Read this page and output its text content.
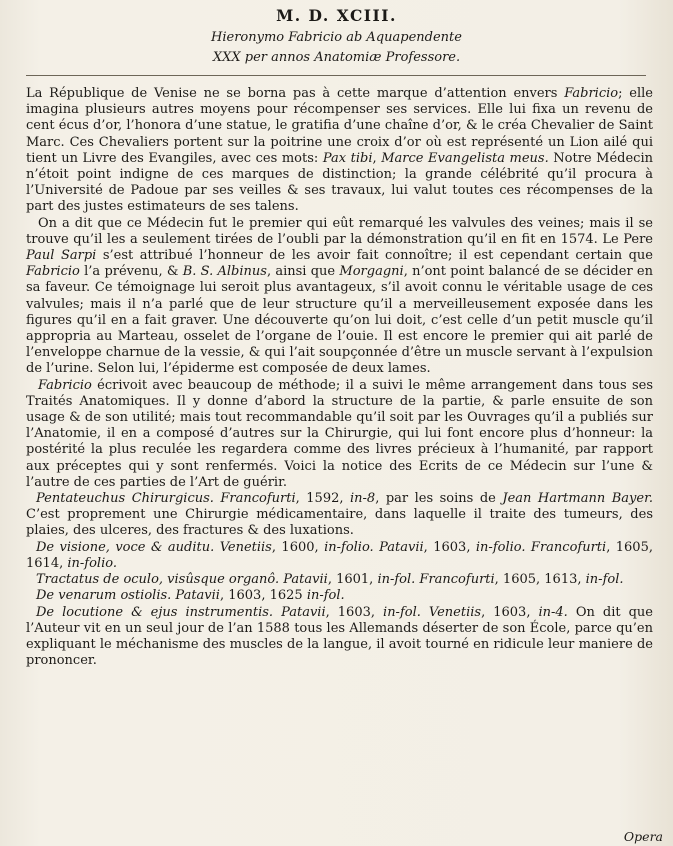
M. D. XCIII.
Hieronymo Fabricio ab Aquapendente
XXX per annos Anatomiæ Professore.

La République de Venise ne se borna pas à cette marque d’attention envers Fabricio; elle imagina plusieurs autres moyens pour récompenser ses services. Elle lui fixa un revenu de cent écus d’or, l’honora d’une statue, le gratifia d’une chaîne d’or, & le créa Chevalier de Saint Marc. Ces Chevaliers portent sur la poitrine une croix d’or où est représenté un Lion ailé qui tient un Livre des Evangiles, avec ces mots: Pax tibi, Marce Evangelista meus. Notre Médecin n’étoit point indigne de ces marques de distinction; la grande célébrité qu’il procura à l’Université de Padoue par ses veilles & ses travaux, lui valut toutes ces récompenses de la part des justes estimateurs de ses talens.

On a dit que ce Médecin fut le premier qui eût remarqué les valvules des veines; mais il se trouve qu’il les a seulement tirées de l’oubli par la démonstration qu’il en fit en 1574. Le Pere Paul Sarpi s’est attribué l’honneur de les avoir fait connoître; il est cependant certain que Fabricio l’a prévenu, & B. S. Albinus, ainsi que Morgagni, n’ont point balancé de se décider en sa faveur. Ce témoignage lui seroit plus avantageux, s’il avoit connu le véritable usage de ces valvules; mais il n’a parlé que de leur structure qu’il a merveilleusement exposée dans les figures qu’il en a fait graver. Une découverte qu’on lui doit, c’est celle d’un petit muscle qu’il appropria au Marteau, osselet de l’organe de l’ouie. Il est encore le premier qui ait parlé de l’enveloppe charnue de la vessie, & qui l’ait soupçonnée d’être un muscle servant à l’expulsion de l’urine. Selon lui, l’épiderme est composée de deux lames.

Fabricio écrivoit avec beaucoup de méthode; il a suivi le même arrangement dans tous ses Traités Anatomiques. Il y donne d’abord la structure de la partie, & parle ensuite de son usage & de son utilité; mais tout recommandable qu’il soit par les Ouvrages qu’il a publiés sur l’Anatomie, il en a composé d’autres sur la Chirurgie, qui lui font encore plus d’honneur: la postérité la plus reculée les regardera comme des livres précieux à l’humanité, par rapport aux préceptes qui y sont renfermés. Voici la notice des Ecrits de ce Médecin sur l’une & l’autre de ces parties de l’Art de guérir.

Pentateuchus Chirurgicus. Francofurti, 1592, in-8, par les soins de Jean Hartmann Bayer. C’est proprement une Chirurgie médicamentaire, dans laquelle il traite des tumeurs, des plaies, des ulceres, des fractures & des luxations.

De visione, voce & auditu. Venetiis, 1600, in-folio. Patavii, 1603, in-folio. Francofurti, 1605, 1614, in-folio.

Tractatus de oculo, visûsque organô. Patavii, 1601, in-fol. Francofurti, 1605, 1613, in-fol.

De venarum ostiolis. Patavii, 1603, 1625 in-fol.

De locutione & ejus instrumentis. Patavii, 1603, in-fol. Venetiis, 1603, in-4. On dit que l’Auteur vit en un seul jour de l’an 1588 tous les Allemands déserter de son École, parce qu’en expliquant le méchanisme des muscles de la langue, il avoit tourné en ridicule leur maniere de prononcer.

Opera
